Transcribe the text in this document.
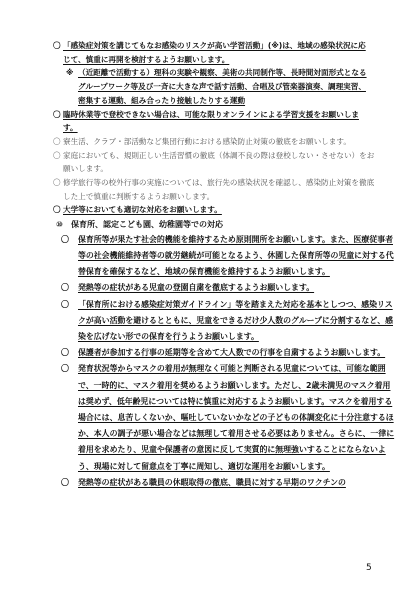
〇 「感染症対策を講じてもなお感染のリスクが高い学習活動」(※)は、地域の感染状況に応じて、慎重に再開を検討するようお願いします。

※ （近距離で活動する）理科の実験や観察、美術の共同制作等、長時間対面形式となるグループワーク等及び一斉に大きな声で話す活動、合唱及び管楽器演奏、調理実習、密集する運動、組み合ったり接触したりする運動

〇 臨時休業等で登校できない場合は、可能な限りオンラインによる学習支援をお願いします。

〇 寮生活、クラブ・部活動など集団行動における感染防止対策の徹底をお願いします。

〇 家庭においても、規則正しい生活習慣の徹底（体調不良の際は登校しない・させない）をお願いします。

〇 修学旅行等の校外行事の実施については、旅行先の感染状況を確認し、感染防止対策を徹底した上で慎重に判断するようお願いします。

〇 大学等においても適切な対応をお願いします。

⑩ 保育所、認定こども園、幼稚園等での対応

〇 保育所等が果たす社会的機能を維持するため原則開所をお願いします。また、医療従事者等の社会機能維持者等の就労継続が可能となるよう、休園した保育所等の児童に対する代替保育を確保するなど、地域の保育機能を維持するようお願いします。
〇 発熱等の症状がある児童の登園自粛を徹底するようお願いします。
〇 「保育所における感染症対策ガイドライン」等を踏まえた対応を基本としつつ、感染リスクが高い活動を避けるとともに、児童をできるだけ少人数のグループに分割するなど、感染を広げない形での保育を行うようお願いします。
〇 保護者が参加する行事の延期等を含めて大人数での行事を自粛するようお願いします。
〇 発育状況等からマスクの着用が無理なく可能と判断される児童については、可能な範囲で、一時的に、マスク着用を奨めるようお願いします。ただし、2歳未満児のマスク着用は奨めず、低年齢児については特に慎重に対応するようお願いします。マスクを着用する場合には、息苦しくないか、嘔吐していないかなどの子どもの体調変化に十分注意するほか、本人の調子が悪い場合などは無理して着用させる必要はありません。さらに、一律に着用を求めたり、児童や保護者の意図に反して実質的に無理強いすることにならないよう、現場に対して留意点を丁寧に周知し、適切な運用をお願いします。
〇 発熱等の症状がある職員の休暇取得の徹底、職員に対する早期のワクチンの
5
